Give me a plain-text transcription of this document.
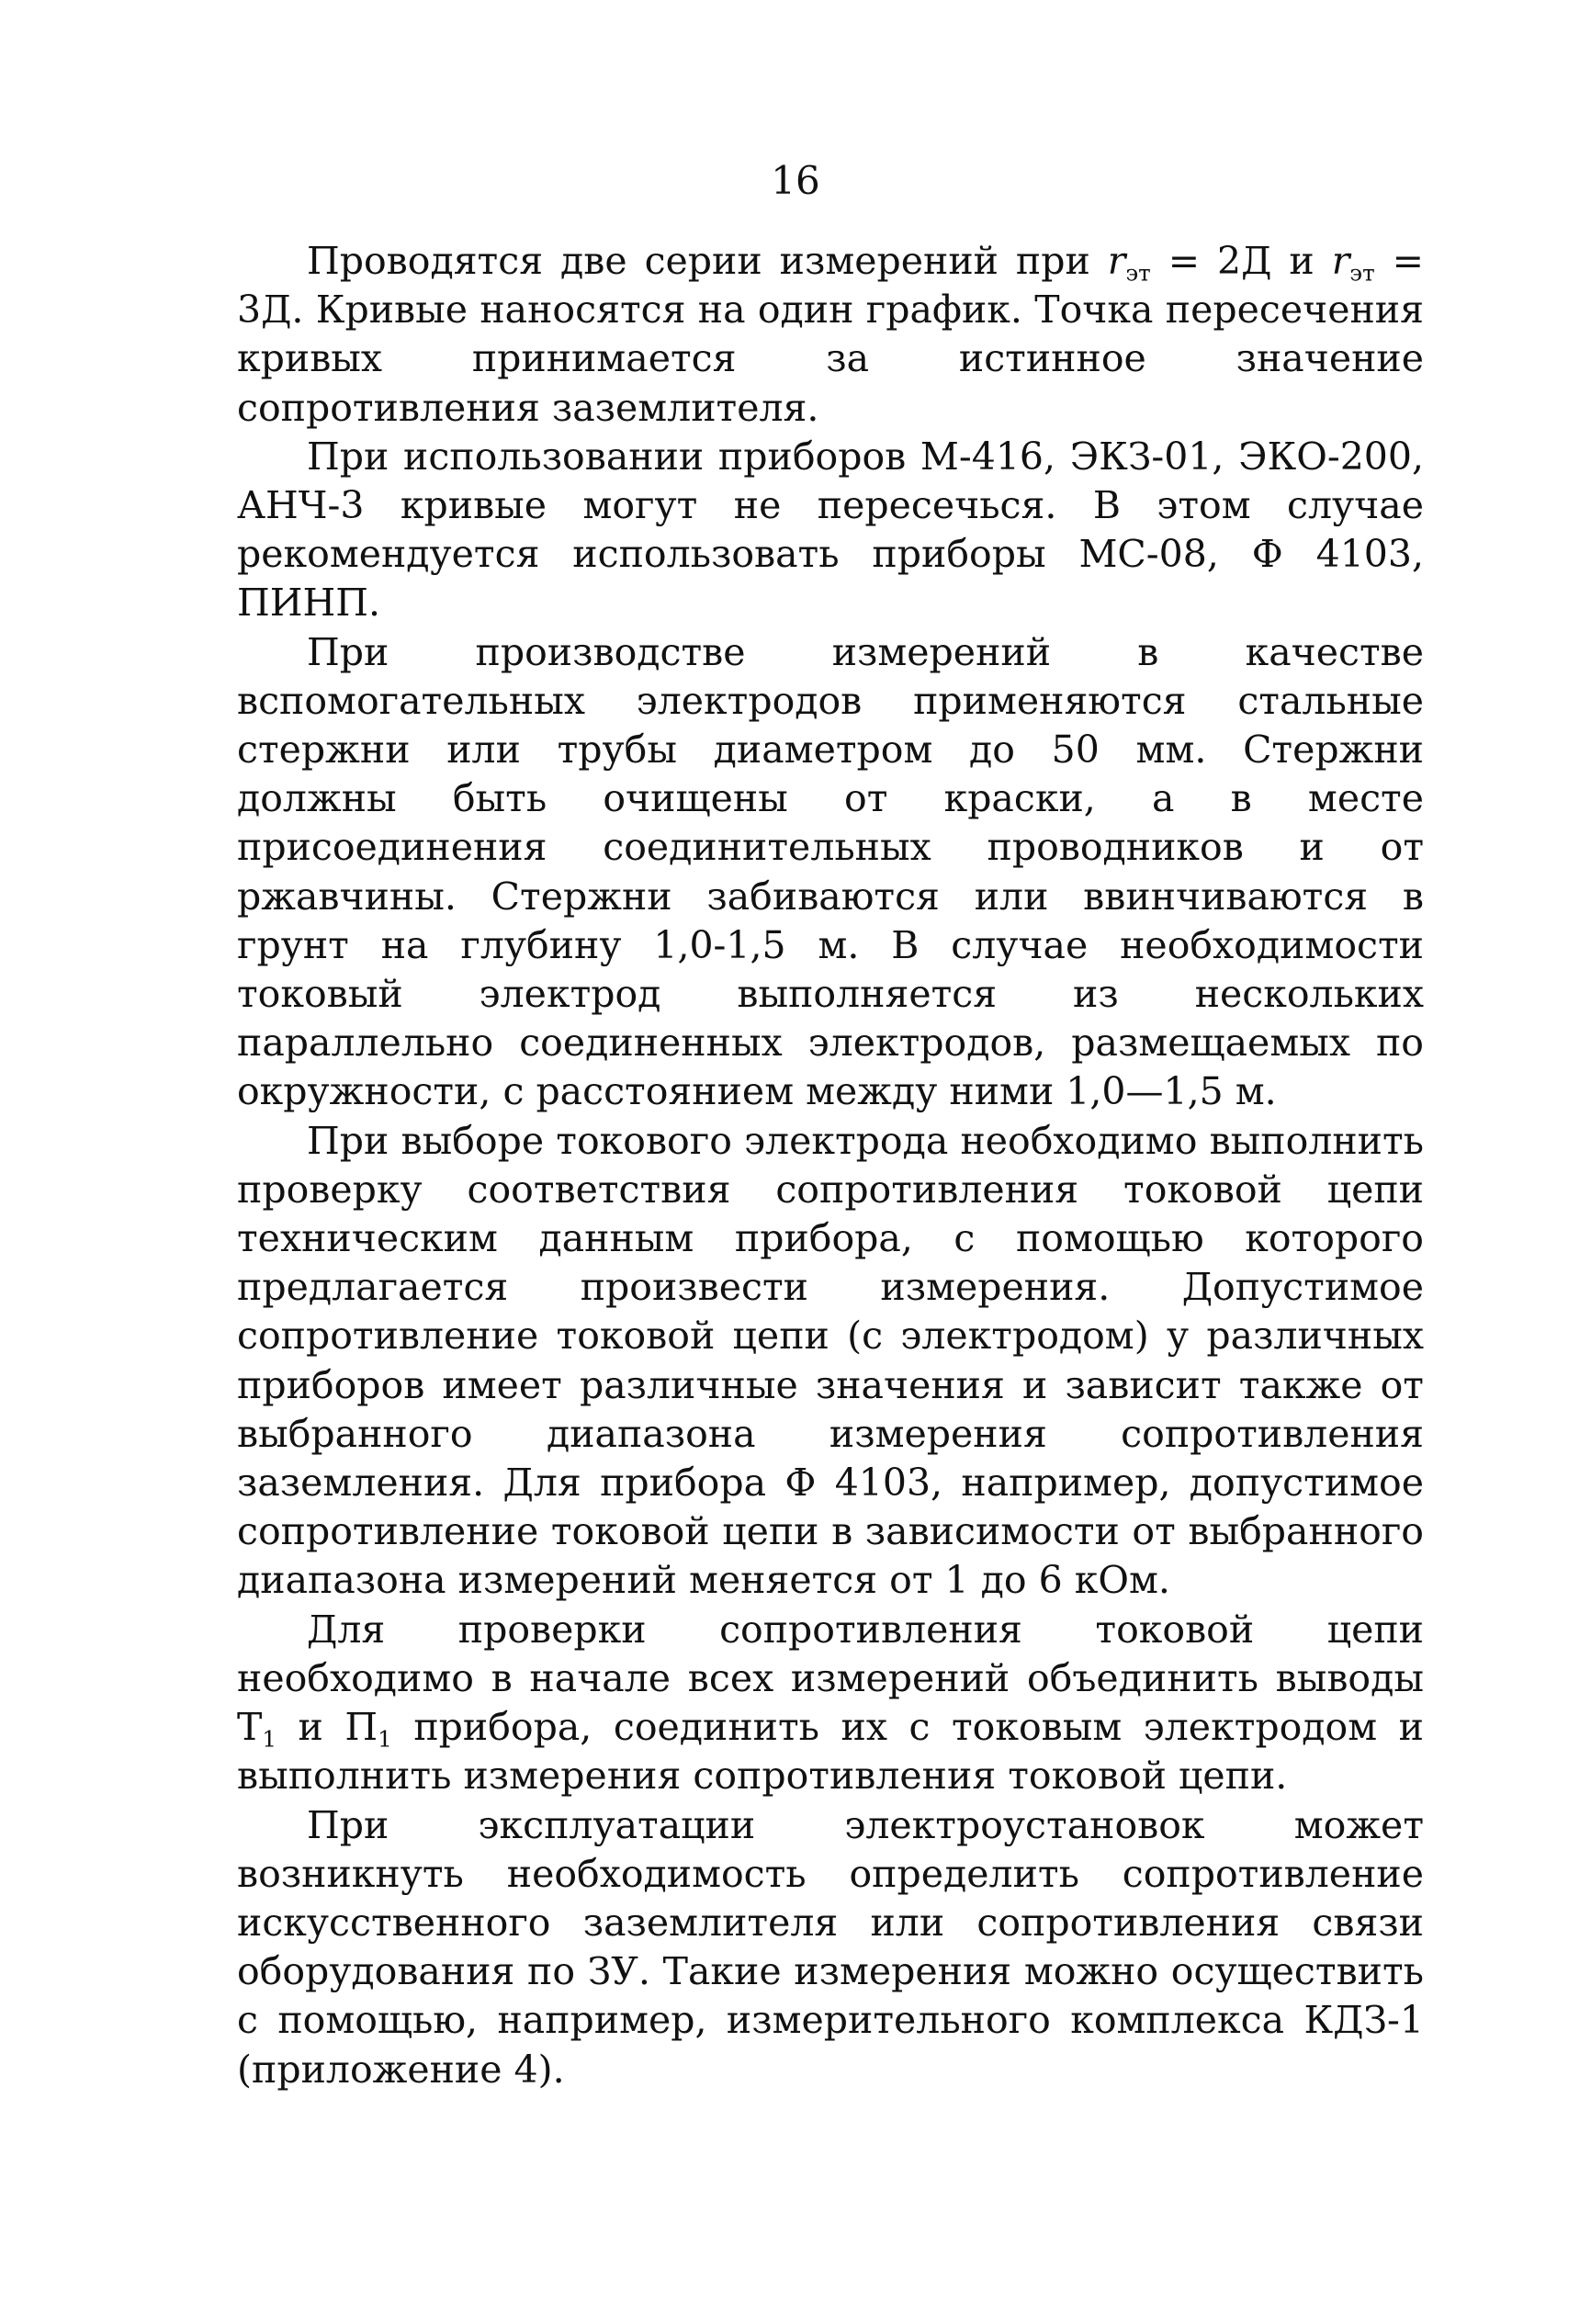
16

Проводятся две серии измерений при $r_{эт} = 2Д$ и $r_{эт} = 3Д$. Кривые наносятся на один график. Точка пересечения кривых принимается за истинное значение сопротивления заземлителя.

При использовании приборов М-416, ЭКЗ-01, ЭКО-200, АНЧ-3 кривые могут не пересечься. В этом случае рекомендуется использовать приборы МС-08, Ф 4103, ПИНП.

При производстве измерений в качестве вспомогательных электродов применяются стальные стержни или трубы диаметром до 50 мм. Стержни должны быть очищены от краски, а в месте присоединения соединительных проводников и от ржавчины. Стержни забиваются или ввинчиваются в грунт на глубину 1,0-1,5 м. В случае необходимости токовый электрод выполняется из нескольких параллельно соединенных электродов, размещаемых по окружности, с расстоянием между ними 1,0—1,5 м.

При выборе токового электрода необходимо выполнить проверку соответствия сопротивления токовой цепи техническим данным прибора, с помощью которого предлагается произвести измерения. Допустимое сопротивление токовой цепи (с электродом) у различных приборов имеет различные значения и зависит также от выбранного диапазона измерения сопротивления заземления. Для прибора Ф 4103, например, допустимое сопротивление токовой цепи в зависимости от выбранного диапазона измерений меняется от 1 до 6 кОм.

Для проверки сопротивления токовой цепи необходимо в начале всех измерений объединить выводы $Т_1$ и $П_1$ прибора, соединить их с токовым электродом и выполнить измерения сопротивления токовой цепи.

При эксплуатации электроустановок может возникнуть необходимость определить сопротивление искусственного заземлителя или сопротивления связи оборудования по ЗУ. Такие измерения можно осуществить с помощью, например, измерительного комплекса КДЗ-1 (приложение 4).
